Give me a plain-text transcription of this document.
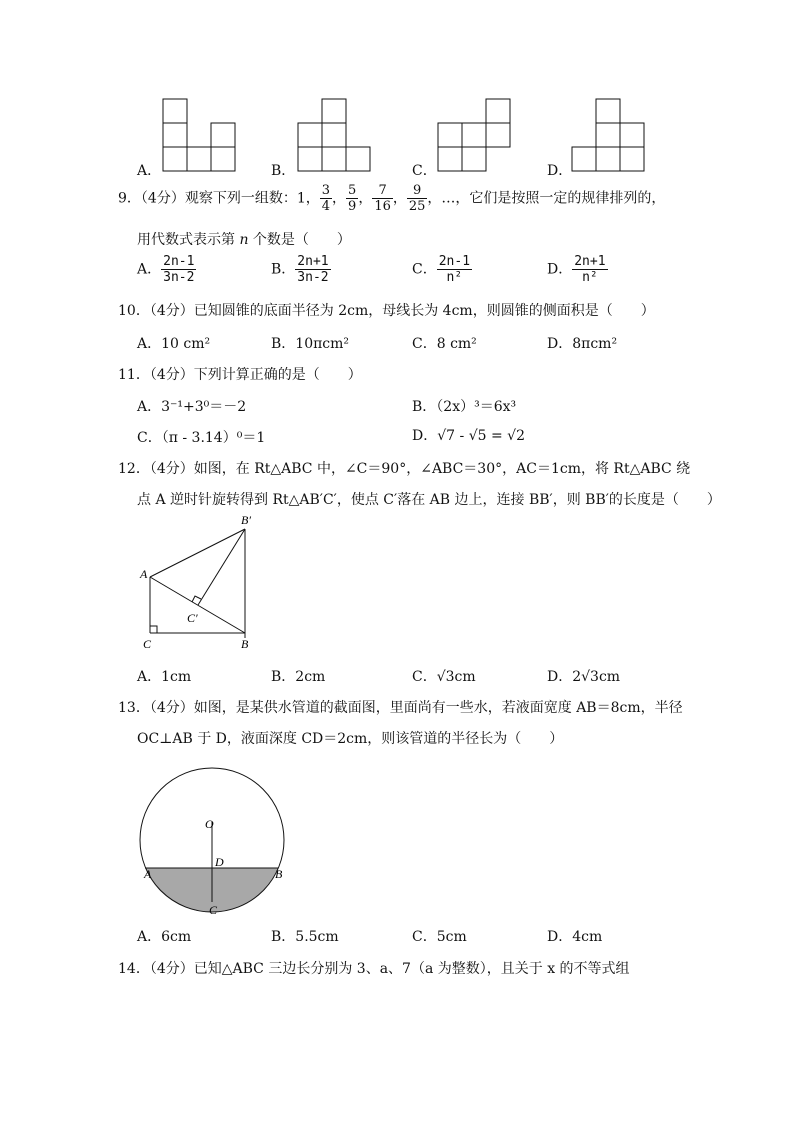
A．	B．	C．	D．
9．（4分）观察下列一组数：1， $\frac{3}{4}$ ， $\frac{5}{9}$ ， $\frac{7}{16}$ ， $\frac{9}{25}$ ，…，它们是按照一定的规律排列的，
用代数式表示第 n 个数是（　　）
A． $\frac{2n-1}{3n-2}$	B． $\frac{2n+1}{3n-2}$	C． $\frac{2n-1}{\text{n²}}$	D． $\frac{2n+1}{\text{n²}}$
10．（4分）已知圆锥的底面半径为 2cm，母线长为 4cm，则圆锥的侧面积是（　　）
A．10 cm²	B．10πcm²	C．8 cm²	D．8πcm²
11．（4分）下列计算正确的是（　　）
A．3⁻¹+3⁰＝－2	B．（2x）³＝6x³
C．（π - 3.14）⁰＝1	D．√7 - √5 = √2
12．（4分）如图，在 Rt△ABC 中，∠C＝90°，∠ABC＝30°，AC＝1cm，将 Rt△ABC 绕
点 A 逆时针旋转得到 Rt△AB′C′，使点 C′落在 AB 边上，连接 BB′，则 BB′的长度是（　　）
B′
A
C′
C	B
A．1cm	B．2cm	C．√3cm	D．2√3cm
13．（4分）如图，是某供水管道的截面图，里面尚有一些水，若液面宽度 AB＝8cm，半径
OC⊥AB 于 D，液面深度 CD＝2cm，则该管道的半径长为（　　）
O
D
A	B
C
A．6cm	B．5.5cm	C．5cm	D．4cm
14．（4分）已知△ABC 三边长分别为 3、a、7（a 为整数），且关于 x 的不等式组
